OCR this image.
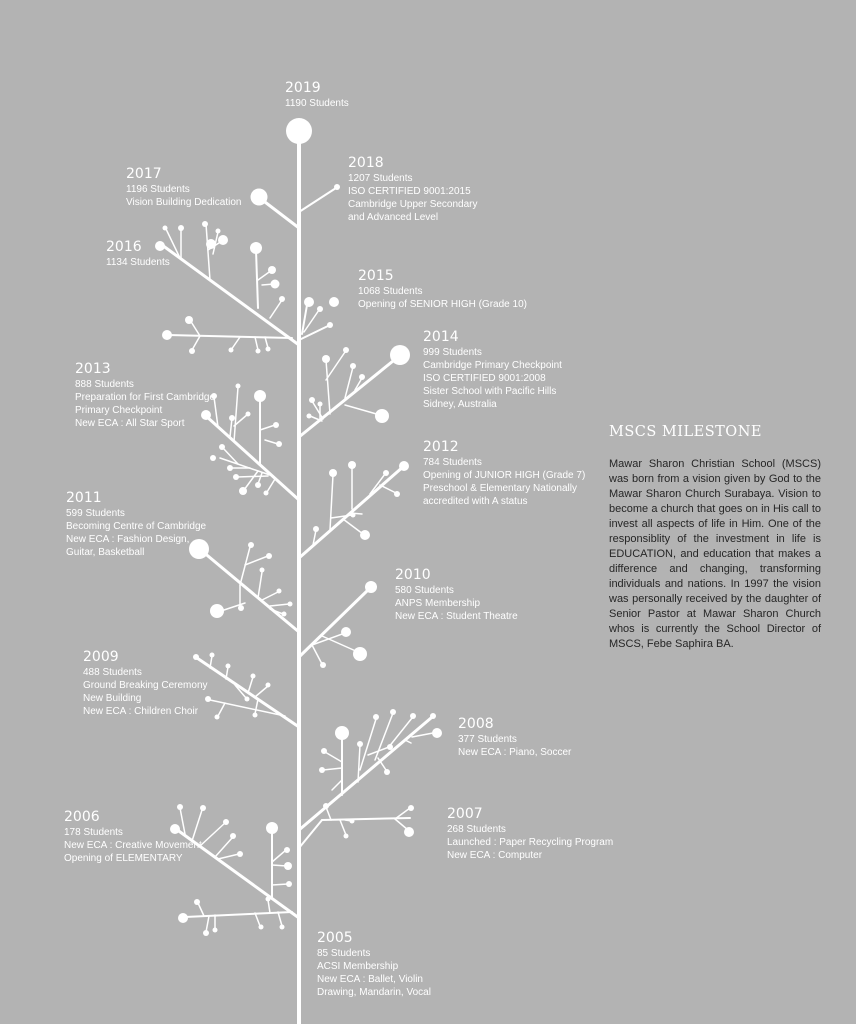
2019
1190 Students
2018
1207 Students
ISO CERTIFIED 9001:2015
Cambridge Upper Secondary
and Advanced Level
2017
1196 Students
Vision Building Dedication
2016
1134 Students
2015
1068 Students
Opening of SENIOR HIGH (Grade 10)
2014
999 Students
Cambridge Primary Checkpoint
ISO CERTIFIED 9001:2008
Sister School with Pacific Hills
Sidney, Australia
2013
888 Students
Preparation for First Cambridge
Primary Checkpoint
New ECA : All Star Sport
2012
784 Students
Opening of JUNIOR HIGH (Grade 7)
Preschool & Elementary Nationally
accredited with A status
2011
599 Students
Becoming Centre of Cambridge
New ECA : Fashion Design,
Guitar, Basketball
2010
580 Students
ANPS Membership
New ECA : Student Theatre
2009
488 Students
Ground Breaking Ceremony
New Building
New ECA : Children Choir
2008
377 Students
New ECA : Piano, Soccer
2007
268 Students
Launched : Paper Recycling Program
New ECA : Computer
2006
178 Students
New ECA : Creative Movement
Opening of ELEMENTARY
2005
85 Students
ACSI Membership
New ECA : Ballet, Violin
Drawing, Mandarin, Vocal
MSCS MILESTONE
Mawar Sharon Christian School (MSCS) was born from a vision given by God to the Mawar Sharon Church Surabaya. Vision to become a church that goes on in His call to invest all aspects of life in Him. One of the responsiblity of the investment in life is EDUCATION, and education that makes a difference and changing, transforming individuals and nations. In 1997 the vision was personally received by the daughter of Senior Pastor at Mawar Sharon Church whos is currently the School Director of MSCS, Febe Saphira BA.
